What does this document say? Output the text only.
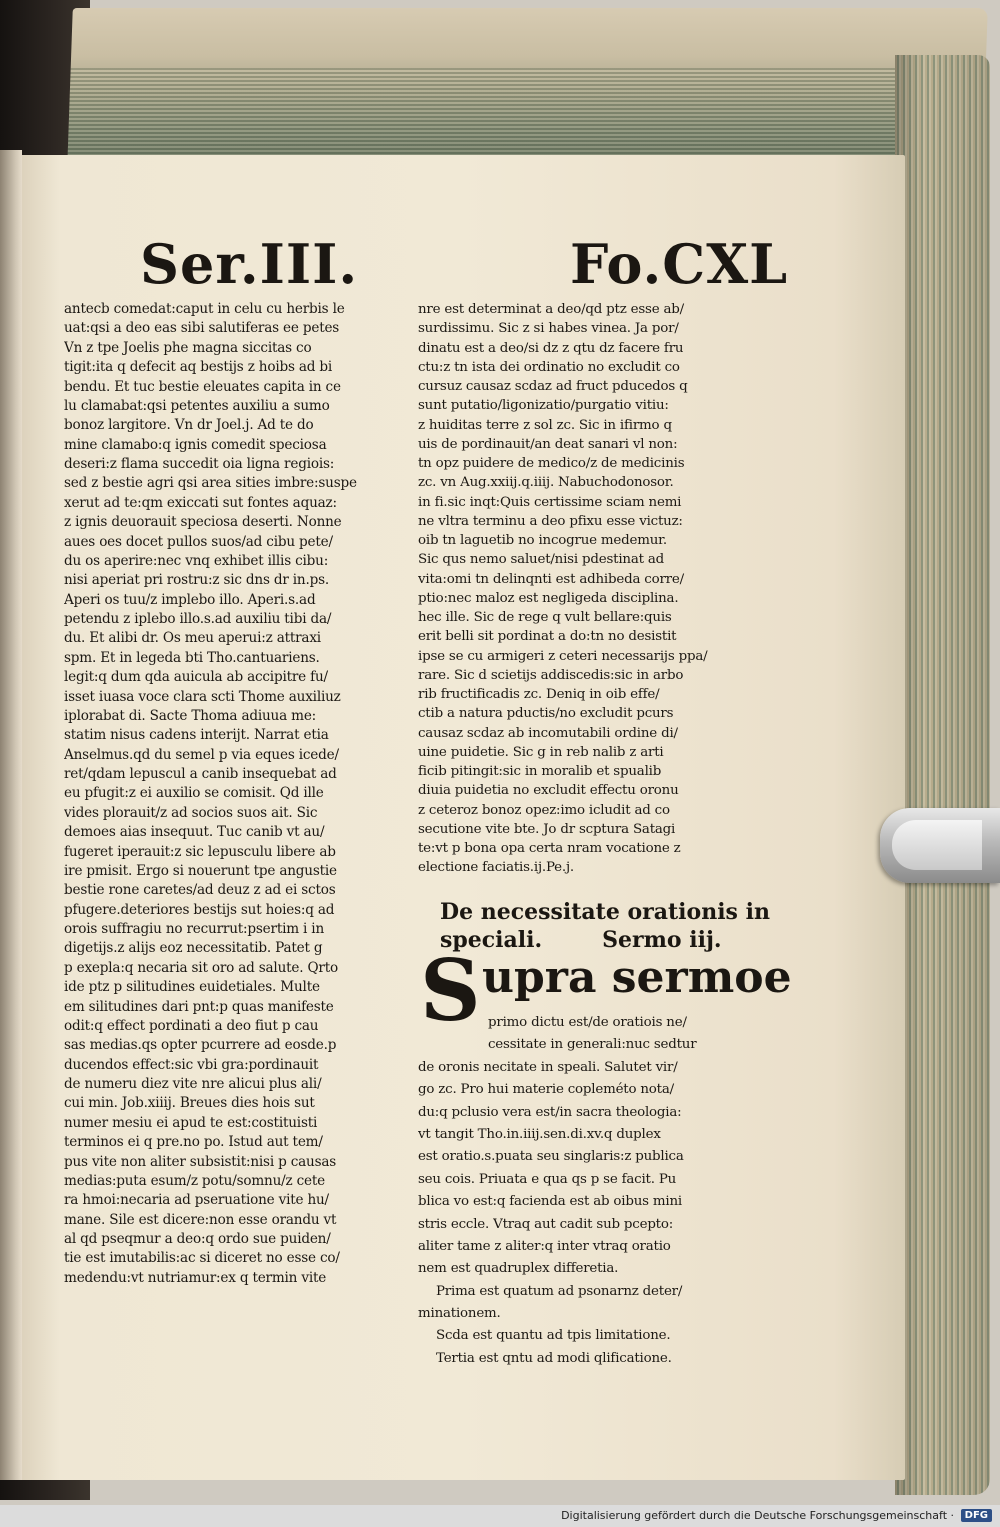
Ser.III.	Fo.CXL
antecb comedat:caput in celu cu herbis le
uat:qsi a deo eas sibi salutiferas ee petes
Vn z tpe Joelis phe magna siccitas co
tigit:ita q defecit aq bestijs z hoibs ad bi
bendu. Et tuc bestie eleuates capita in ce
lu clamabat:qsi petentes auxiliu a sumo
bonoz largitore. Vn dr Joel.j. Ad te do
mine clamabo:q ignis comedit speciosa
deseri:z flama succedit oia ligna regiois:
sed z bestie agri qsi area sities imbre:suspe
xerut ad te:qm exiccati sut fontes aquaz:
z ignis deuorauit speciosa deserti. Nonne
aues oes docet pullos suos/ad cibu pete/
du os aperire:nec vnq exhibet illis cibu:
nisi aperiat pri rostru:z sic dns dr in.ps.
Aperi os tuu/z implebo illo. Aperi.s.ad
petendu z iplebo illo.s.ad auxiliu tibi da/
du. Et alibi dr. Os meu aperui:z attraxi
spm. Et in legeda bti Tho.cantuariens.
legit:q dum qda auicula ab accipitre fu/
isset iuasa voce clara scti Thome auxiliuz
iplorabat di. Sacte Thoma adiuua me:
statim nisus cadens interijt. Narrat etia
Anselmus.qd du semel p via eques icede/
ret/qdam lepuscul a canib insequebat ad
eu pfugit:z ei auxilio se comisit. Qd ille
vides plorauit/z ad socios suos ait. Sic
demoes aias insequut. Tuc canib vt au/
fugeret iperauit:z sic lepusculu libere ab
ire pmisit. Ergo si nouerunt tpe angustie
bestie rone caretes/ad deuz z ad ei sctos
pfugere.deteriores bestijs sut hoies:q ad
orois suffragiu no recurrut:psertim i in
digetijs.z alijs eoz necessitatib. Patet g
p exepla:q necaria sit oro ad salute. Qrto
ide ptz p silitudines euidetiales. Multe
em silitudines dari pnt:p quas manifeste
odit:q effect pordinati a deo fiut p cau
sas medias.qs opter pcurrere ad eosde.p
ducendos effect:sic vbi gra:pordinauit
de numeru diez vite nre alicui plus ali/
cui min. Job.xiiij. Breues dies hois sut
numer mesiu ei apud te est:costituisti
terminos ei q pre.no po. Istud aut tem/
pus vite non aliter subsistit:nisi p causas
medias:puta esum/z potu/somnu/z cete
ra hmoi:necaria ad pseruatione vite hu/
mane. Sile est dicere:non esse orandu vt
al qd pseqmur a deo:q ordo sue puiden/
tie est imutabilis:ac si diceret no esse co/
medendu:vt nutriamur:ex q termin vite
nre est determinat a deo/qd ptz esse ab/
surdissimu. Sic z si habes vinea. Ja por/
dinatu est a deo/si dz z qtu dz facere fru
ctu:z tn ista dei ordinatio no excludit co
cursuz causaz scdaz ad fruct pducedos q
sunt putatio/ligonizatio/purgatio vitiu:
z huiditas terre z sol zc. Sic in ifirmo q
uis de pordinauit/an deat sanari vl non:
tn opz puidere de medico/z de medicinis
zc. vn Aug.xxiij.q.iiij. Nabuchodonosor.
in fi.sic inqt:Quis certissime sciam nemi
ne vltra terminu a deo pfixu esse victuz:
oib tn laguetib no incogrue medemur.
Sic qus nemo saluet/nisi pdestinat ad
vita:omi tn delinqnti est adhibeda corre/
ptio:nec maloz est negligeda disciplina.
hec ille. Sic de rege q vult bellare:quis
erit belli sit pordinat a do:tn no desistit
ipse se cu armigeri z ceteri necessarijs ppa/
rare. Sic d scietijs addiscedis:sic in arbo
rib fructificadis zc. Deniq in oib effe/
ctib a natura pductis/no excludit pcurs
causaz scdaz ab incomutabili ordine di/
uine puidetie. Sic g in reb nalib z arti
ficib pitingit:sic in moralib et spualib
diuia puidetia no excludit effectu oronu
z ceteroz bonoz opez:imo icludit ad co
secutione vite bte. Jo dr scptura Satagi
te:vt p bona opa certa nram vocatione z
electione faciatis.ij.Pe.j.
De necessitate orationis in
speciali.	Sermo iij.
S upra sermoe
primo dictu est/de oratiois ne/
cessitate in generali:nuc sedtur
de oronis necitate in speali. Salutet vir/
go zc. Pro hui materie copleméto nota/
du:q pclusio vera est/in sacra theologia:
vt tangit Tho.in.iiij.sen.di.xv.q duplex
est oratio.s.puata seu singlaris:z publica
seu cois. Priuata e qua qs p se facit. Pu
blica vo est:q facienda est ab oibus mini
stris eccle. Vtraq aut cadit sub pcepto:
aliter tame z aliter:q inter vtraq oratio
nem est quadruplex differetia.
Prima est quatum ad psonarnz deter/
minationem.
Scda est quantu ad tpis limitatione.
Tertia est qntu ad modi qlificatione.
Digitalisierung gefördert durch die Deutsche Forschungsgemeinschaft ·	DFG
